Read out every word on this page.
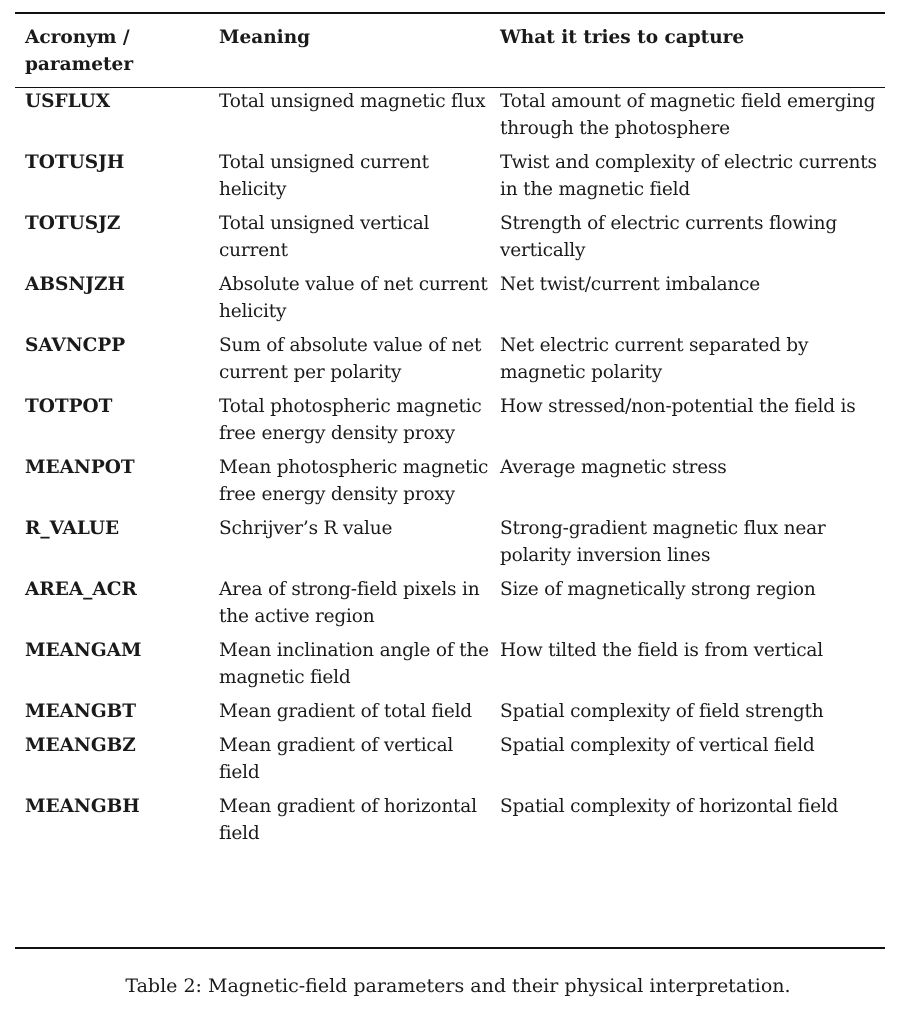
Acronym / parameter	Meaning	What it tries to capture
USFLUX	Total unsigned magnetic flux	Total amount of magnetic field emerging through the photosphere
TOTUSJH	Total unsigned current helicity	Twist and complexity of electric currents in the magnetic field
TOTUSJZ	Total unsigned vertical current	Strength of electric currents flowing vertically
ABSNJZH	Absolute value of net current helicity	Net twist/current imbalance
SAVNCPP	Sum of absolute value of net current per polarity	Net electric current separated by magnetic polarity
TOTPOT	Total photospheric magnetic free energy density proxy	How stressed/non-potential the field is
MEANPOT	Mean photospheric magnetic free energy density proxy	Average magnetic stress
R_VALUE	Schrijver’s R value	Strong-gradient magnetic flux near polarity inversion lines
AREA_ACR	Area of strong-field pixels in the active region	Size of magnetically strong region
MEANGAM	Mean inclination angle of the magnetic field	How tilted the field is from vertical
MEANGBT	Mean gradient of total field	Spatial complexity of field strength
MEANGBZ	Mean gradient of vertical field	Spatial complexity of vertical field
MEANGBH	Mean gradient of horizontal field	Spatial complexity of horizontal field
Table 2: Magnetic-field parameters and their physical interpretation.
